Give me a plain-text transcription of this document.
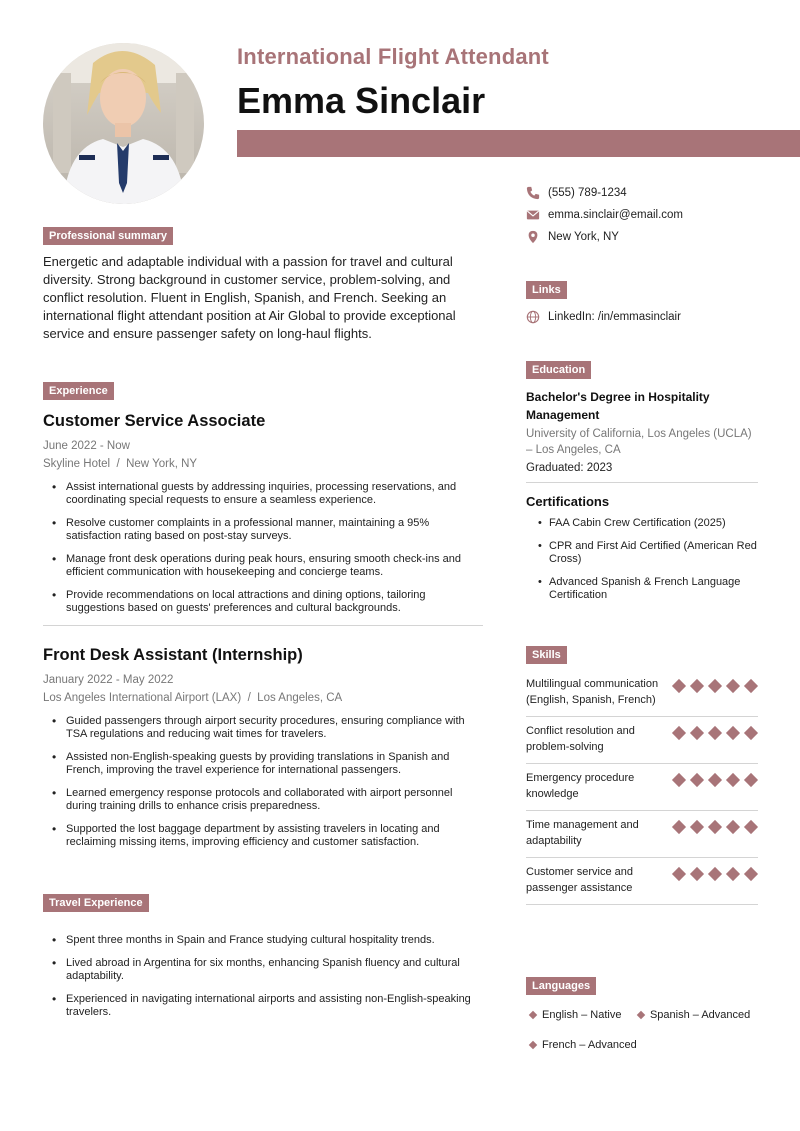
International Flight Attendant
Emma Sinclair
Professional summary

Energetic and adaptable individual with a passion for travel and cultural diversity. Strong background in customer service, problem-solving, and conflict resolution. Fluent in English, Spanish, and French. Seeking an international flight attendant position at Air Global to provide exceptional service and ensure passenger safety on long-haul flights.

Experience
Customer Service Associate
June 2022 - Now
Skyline Hotel / New York, NY
• Assist international guests by addressing inquiries, processing reservations, and coordinating special requests to ensure a seamless experience.
• Resolve customer complaints in a professional manner, maintaining a 95% satisfaction rating based on post-stay surveys.
• Manage front desk operations during peak hours, ensuring smooth check-ins and efficient communication with housekeeping and concierge teams.
• Provide recommendations on local attractions and dining options, tailoring suggestions based on guests' preferences and cultural backgrounds.
Front Desk Assistant (Internship)
January 2022 - May 2022
Los Angeles International Airport (LAX) / Los Angeles, CA
• Guided passengers through airport security procedures, ensuring compliance with TSA regulations and reducing wait times for travelers.
• Assisted non-English-speaking guests by providing translations in Spanish and French, improving the travel experience for international passengers.
• Learned emergency response protocols and collaborated with airport personnel during training drills to enhance crisis preparedness.
• Supported the lost baggage department by assisting travelers in locating and reclaiming missing items, improving efficiency and customer satisfaction.
Travel Experience
• Spent three months in Spain and France studying cultural hospitality trends.
• Lived abroad in Argentina for six months, enhancing Spanish fluency and cultural adaptability.
• Experienced in navigating international airports and assisting non-English-speaking travelers.
(555) 789-1234
emma.sinclair@email.com
New York, NY
Links
LinkedIn: /in/emmasinclair
Education
Bachelor's Degree in Hospitality Management
University of California, Los Angeles (UCLA) – Los Angeles, CA
Graduated: 2023
Certifications
• FAA Cabin Crew Certification (2025)
• CPR and First Aid Certified (American Red Cross)
• Advanced Spanish & French Language Certification
Skills
Multilingual communication (English, Spanish, French)
Conflict resolution and problem-solving
Emergency procedure knowledge
Time management and adaptability
Customer service and passenger assistance
Languages
English – Native
	Spanish – Advanced
French – Advanced
